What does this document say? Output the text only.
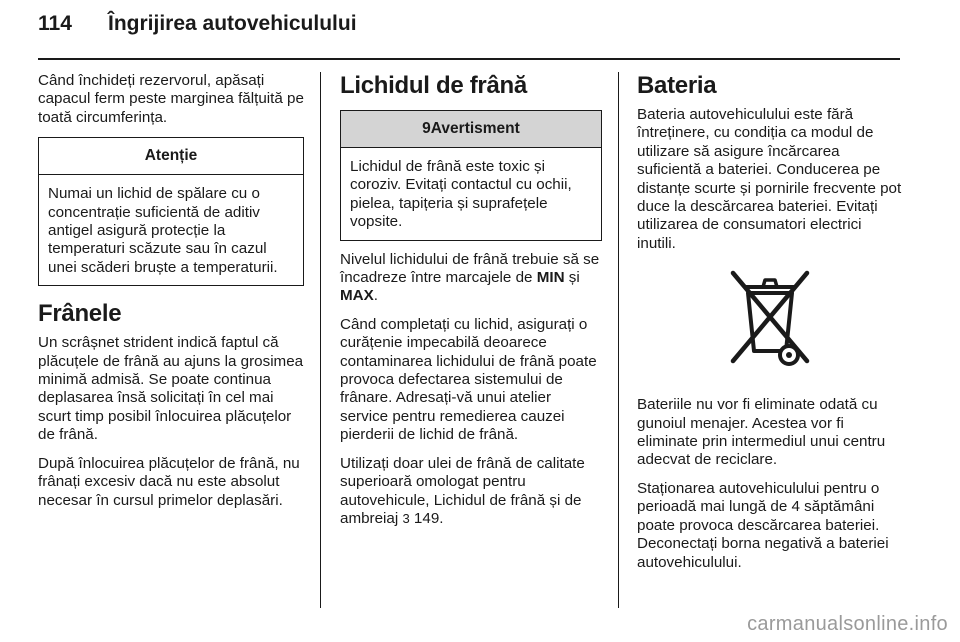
114 Îngrijirea autovehiculului

Când închideți rezervorul, apăsați capacul ferm peste marginea fălțuită pe toată circumferința.

Atenție
Numai un lichid de spălare cu o concentrație suficientă de aditiv antigel asigură protecție la temperaturi scăzute sau în cazul unei scăderi bruște a temperaturii.
Frânele

Un scrâșnet strident indică faptul că plăcuțele de frână au ajuns la grosimea minimă admisă. Se poate continua deplasarea însă solicitați în cel mai scurt timp posibil înlocuirea plăcuțelor de frână.

După înlocuirea plăcuțelor de frână, nu frânați excesiv dacă nu este absolut necesar în cursul primelor deplasări.

Lichidul de frână
9Avertisment
Lichidul de frână este toxic și coroziv. Evitați contactul cu ochii, pielea, tapițeria și suprafețele vopsite.

Nivelul lichidului de frână trebuie să se încadreze între marcajele de MIN și MAX.

Când completați cu lichid, asigurați o curățenie impecabilă deoarece contaminarea lichidului de frână poate provoca defectarea sistemului de frânare. Adresați-vă unui atelier service pentru remedierea cauzei pierderii de lichid de frână.

Utilizați doar ulei de frână de calitate superioară omologat pentru autovehicule, Lichidul de frână și de ambreiaj 3 149.

Bateria

Bateria autovehiculului este fără întreținere, cu condiția ca modul de utilizare să asigure încărcarea suficientă a bateriei. Conducerea pe distanțe scurte și pornirile frecvente pot duce la descărcarea bateriei. Evitați utilizarea de consumatori electrici inutili.

Bateriile nu vor fi eliminate odată cu gunoiul menajer. Acestea vor fi eliminate prin intermediul unui centru adecvat de reciclare.

Staționarea autovehiculului pentru o perioadă mai lungă de 4 săptămâni poate provoca descărcarea bateriei. Deconectați borna negativă a bateriei autovehiculului.

carmanualsonline.info
